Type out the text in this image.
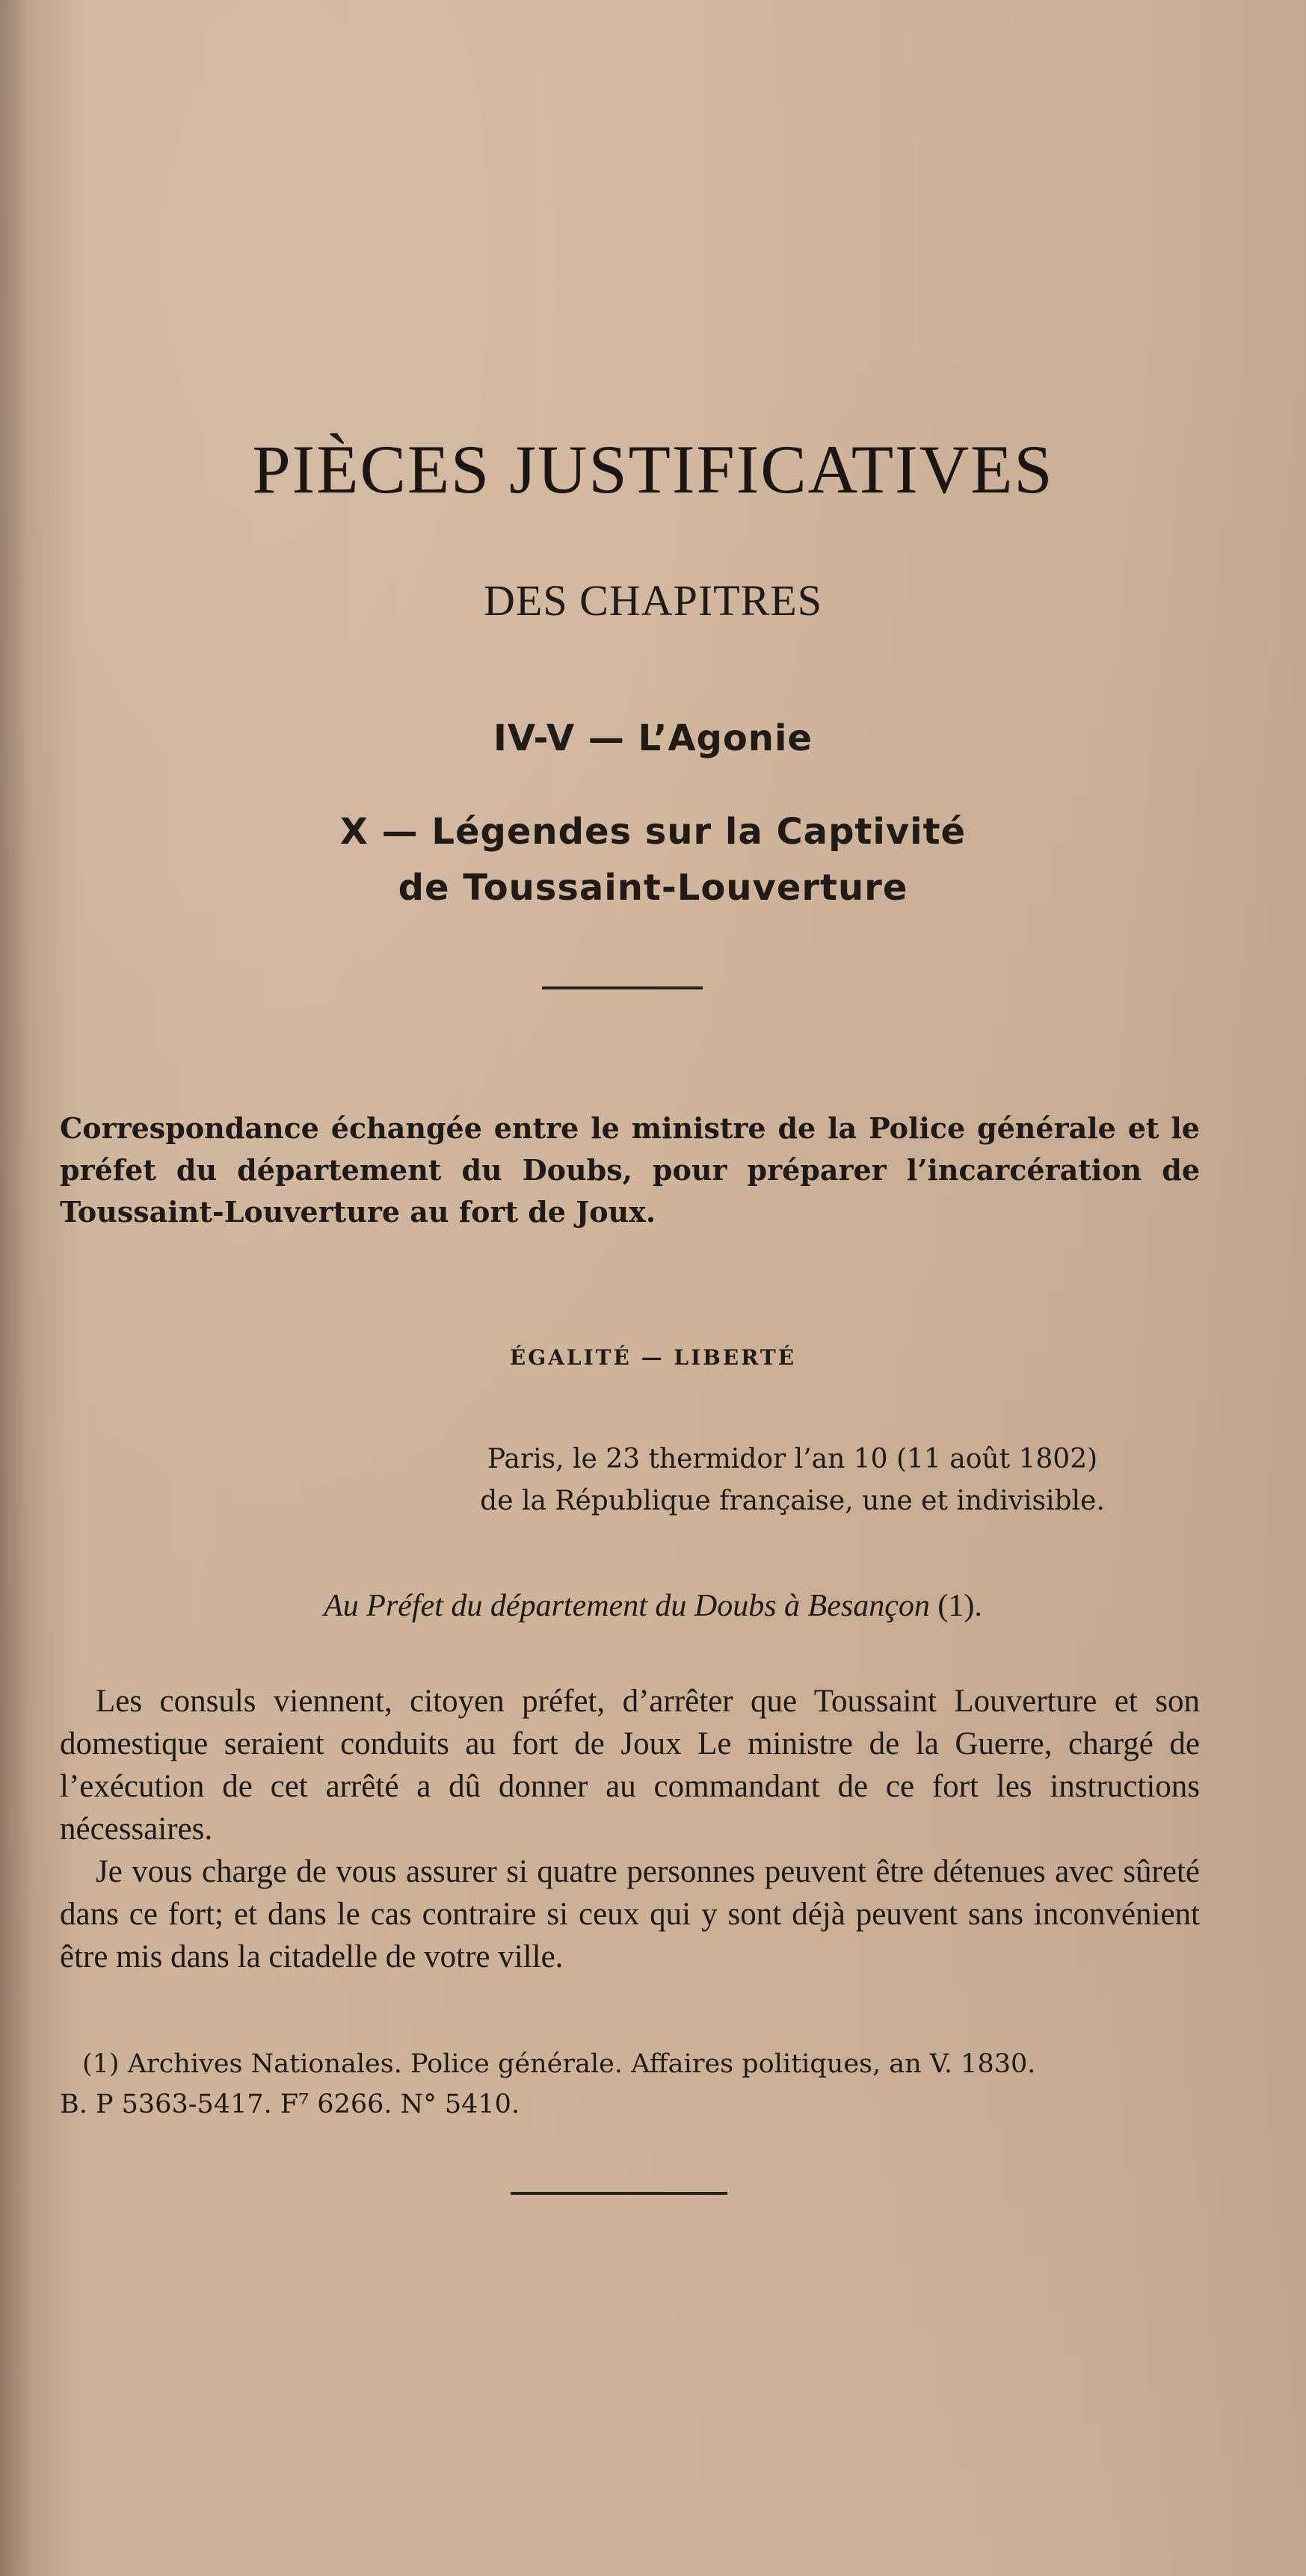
PIÈCES JUSTIFICATIVES
DES CHAPITRES
IV-V — L’Agonie
X — Légendes sur la Captivité
de Toussaint-Louverture
Correspondance échangée entre le ministre de la Police générale et le préfet du département du Doubs, pour préparer l’incarcération de Toussaint-Louverture au fort de Joux.
ÉGALITÉ — LIBERTÉ
Paris, le 23 thermidor l’an 10 (11 août 1802)
de la République française, une et indivisible.
Au Préfet du département du Doubs à Besançon (1).

Les consuls viennent, citoyen préfet, d’arrêter que Toussaint Louverture et son domestique seraient conduits au fort de Joux Le ministre de la Guerre, chargé de l’exécution de cet arrêté a dû donner au commandant de ce fort les instructions nécessaires.

Je vous charge de vous assurer si quatre personnes peuvent être détenues avec sûreté dans ce fort; et dans le cas contraire si ceux qui y sont déjà peuvent sans inconvénient être mis dans la citadelle de votre ville.

(1) Archives Nationales. Police générale. Affaires politiques, an V. 1830.

B. P 5363-5417. F⁷ 6266. N° 5410.
